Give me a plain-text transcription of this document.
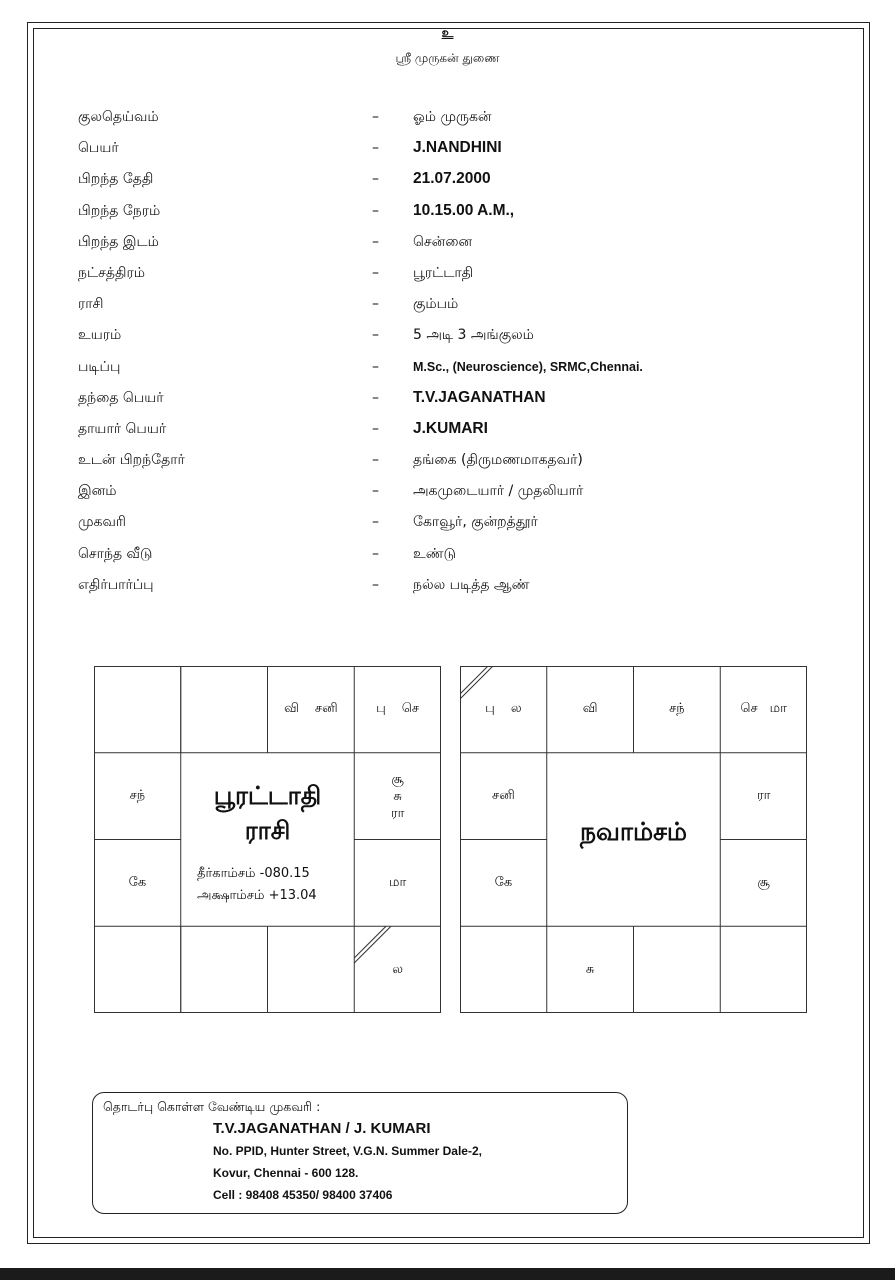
உ
ஸ்ரீ முருகன் துணை
குலதெய்வம்	– ஓம் முருகன்
பெயர்	– J.NANDHINI
பிறந்த தேதி	– 21.07.2000
பிறந்த நேரம்	– 10.15.00 A.M.,
பிறந்த இடம்	– சென்னை
நட்சத்திரம்	– பூரட்டாதி
ராசி	– கும்பம்
உயரம்	– 5 அடி 3 அங்குலம்
படிப்பு	–	M.Sc., (Neuroscience), SRMC,Chennai.
தந்தை பெயர்	– T.V.JAGANATHAN
தாயார் பெயர்	– J.KUMARI
உடன் பிறந்தோர்	– தங்கை (திருமணமாகதவர்)
இனம்	– அகமுடையார் / முதலியார்
முகவரி	– கோவூர், குன்றத்தூர்
சொந்த வீடு	– உண்டு
எதிர்பார்ப்பு	– நல்ல படித்த ஆண்
வி சனி	பு செ
சந்
சூ
சு
ரா
கே	மா
ல
பூரட்டாதி
ராசி
தீர்காம்சம் -080.15
அக்ஷாம்சம் +13.04
பு ல	வி	சந்	செ மா
சனி	ரா
கே	சூ
சு
நவாம்சம்
தொடர்பு கொள்ள வேண்டிய முகவரி :
T.V.JAGANATHAN / J. KUMARI
No. PPID, Hunter Street, V.G.N. Summer Dale-2,
Kovur, Chennai - 600 128.
Cell : 98408 45350/ 98400 37406
